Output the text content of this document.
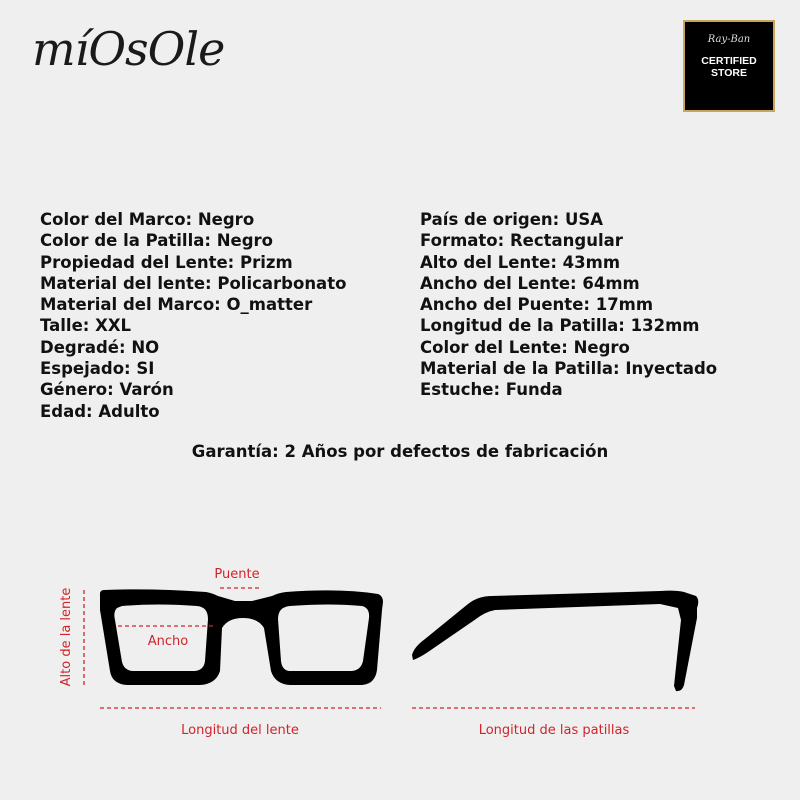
míOsOle	Ray-Ban
CERTIFIED
STORE
Color del Marco: Negro
Color de la Patilla: Negro
Propiedad del Lente: Prizm
Material del lente: Policarbonato
Material del Marco: O_matter
Talle: XXL
Degradé: NO
Espejado: SI
Género: Varón
Edad: Adulto
País de origen: USA
Formato: Rectangular
Alto del Lente: 43mm
Ancho del Lente: 64mm
Ancho del Puente: 17mm
Longitud de la Patilla: 132mm
Color del Lente: Negro
Material de la Patilla: Inyectado
Estuche: Funda
Garantía: 2 Años por defectos de fabricación
Puente
Ancho
Alto de la lente
Longitud del lente	Longitud de las patillas
